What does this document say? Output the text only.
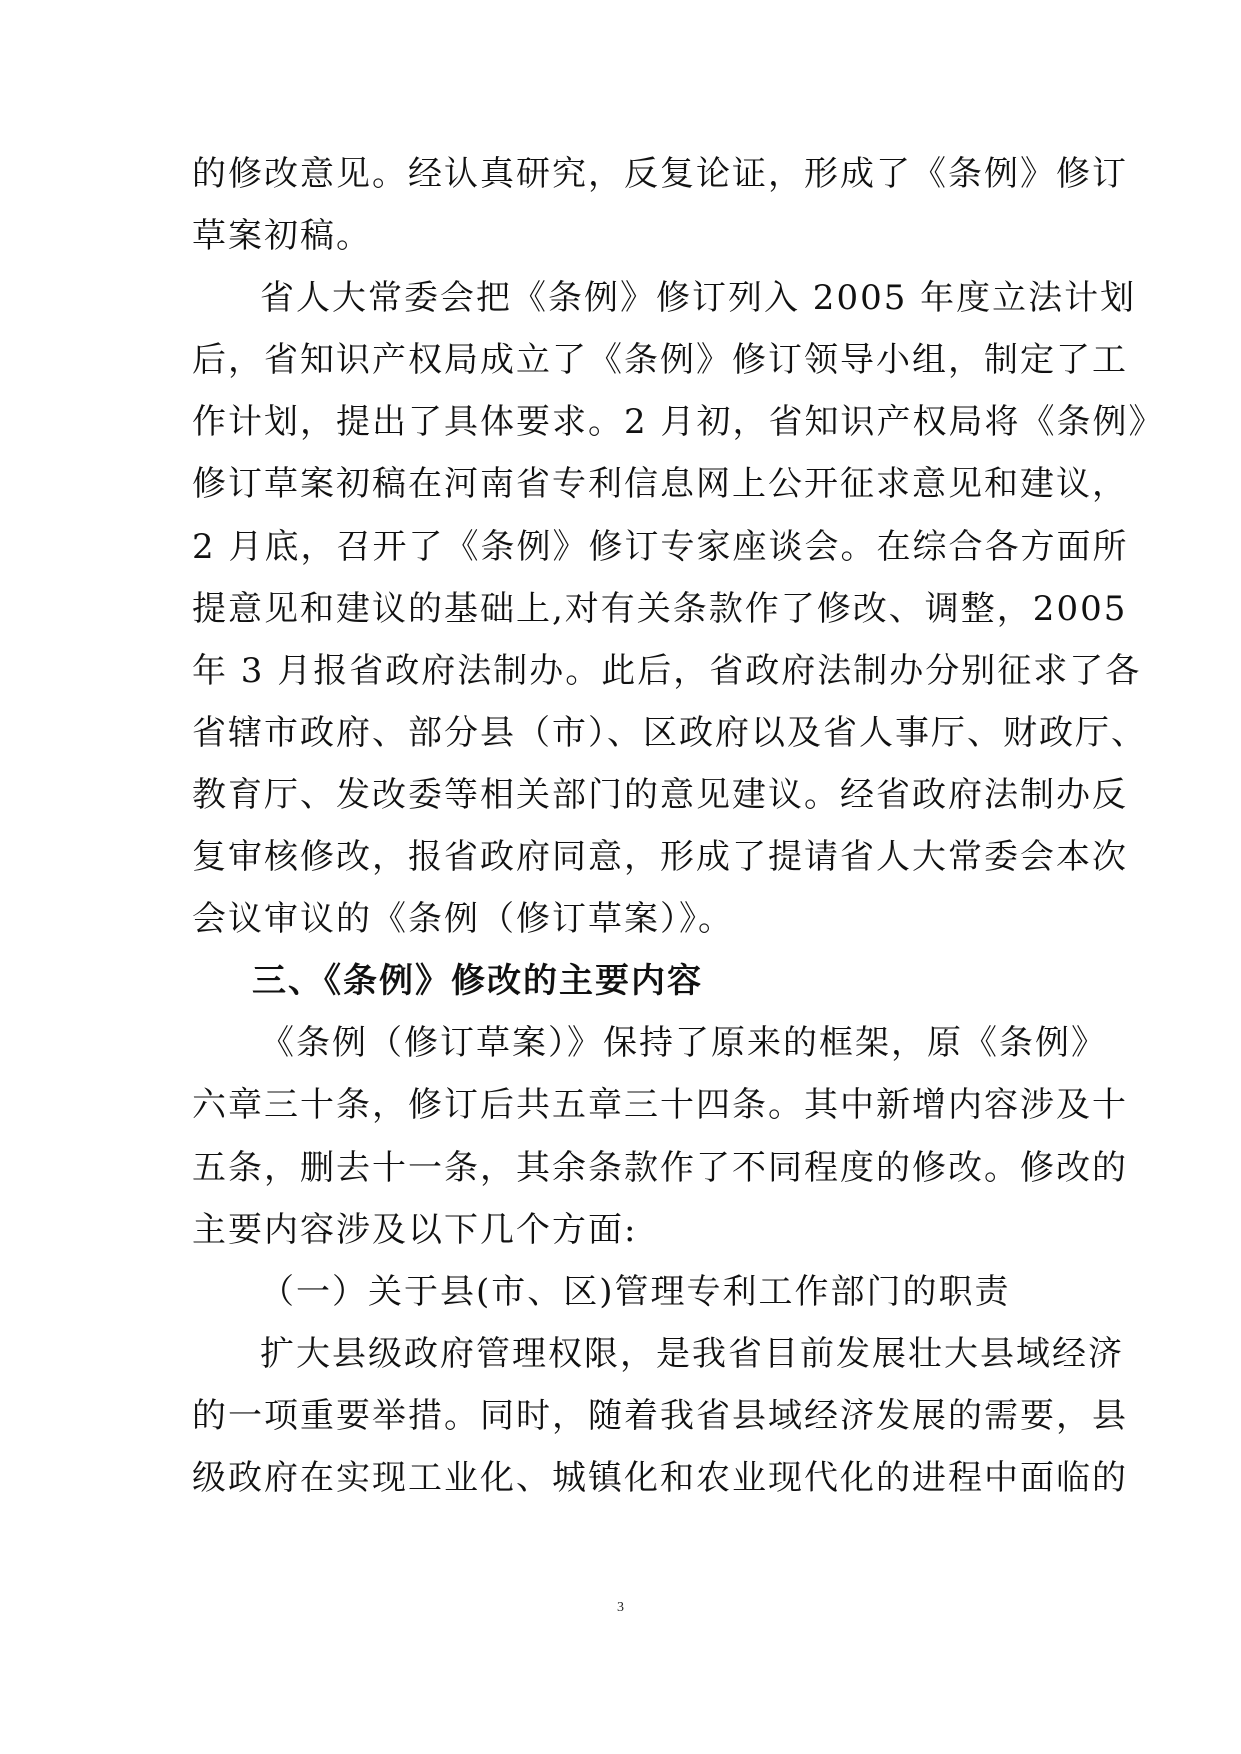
的修改意见。经认真研究，反复论证，形成了《条例》修订
草案初稿。
省人大常委会把《条例》修订列入 2005 年度立法计划
后，省知识产权局成立了《条例》修订领导小组，制定了工
作计划，提出了具体要求。2 月初，省知识产权局将《条例》
修订草案初稿在河南省专利信息网上公开征求意见和建议，
2 月底，召开了《条例》修订专家座谈会。在综合各方面所
提意见和建议的基础上,对有关条款作了修改、调整，2005
年 3 月报省政府法制办。此后，省政府法制办分别征求了各
省辖市政府、部分县（市）、区政府以及省人事厅、财政厅、
教育厅、发改委等相关部门的意见建议。经省政府法制办反
复审核修改，报省政府同意，形成了提请省人大常委会本次
会议审议的《条例（修订草案）》。
三、《条例》修改的主要内容
《条例（修订草案）》保持了原来的框架，原《条例》
六章三十条，修订后共五章三十四条。其中新增内容涉及十
五条，删去十一条，其余条款作了不同程度的修改。修改的
主要内容涉及以下几个方面:
（一）关于县(市、区)管理专利工作部门的职责
扩大县级政府管理权限，是我省目前发展壮大县域经济
的一项重要举措。同时，随着我省县域经济发展的需要，县
级政府在实现工业化、城镇化和农业现代化的进程中面临的
3
